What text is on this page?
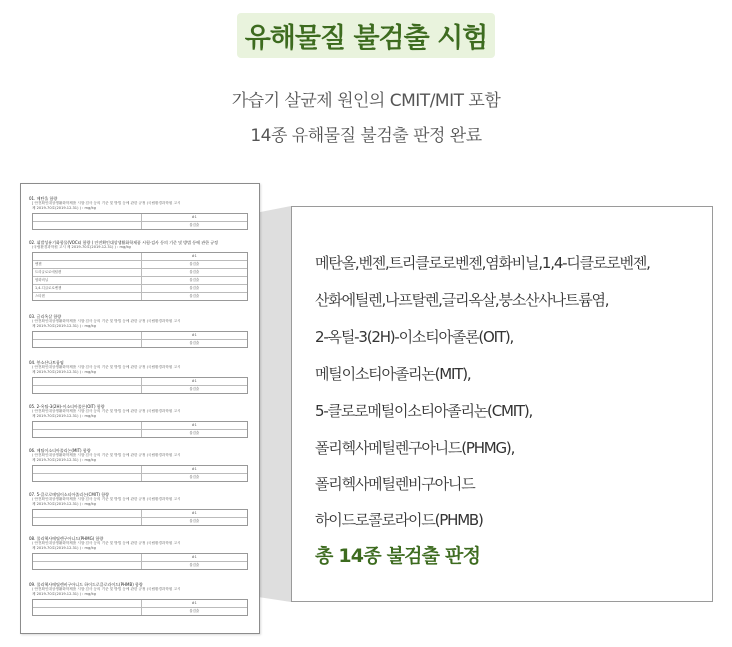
유해물질 불검출 시험
가습기 살균제 원인의 CMIT/MIT 포함
14종 유해물질 불검출 판정 완료
01. 메탄올 함량
[ 안전확인대상생활화학제품 시험·검사 등의 기준 및 방법 등에 관한 규정 (국립환경과학원 고시
제 2019-70호(2019.12.31) ) : mg/kg
#1
불검출
02. 휘발성유기화합물(VOCs) 함량 ( 안전확인대상생활화학제품 시험·검사 등의 기준 및 방법 등에 관한 규정
(국립환경과학원 고시 제 2019-70호(2019.12.31) ) : mg/kg
#1
벤젠	불검출
트리클로로에틸렌	불검출
염화비닐	불검출
1,4-디클로로벤젠	불검출
스티렌	불검출
03. 글리옥살 함량
( 안전확인대상생활화학제품 시험·검사 등의 기준 및 방법 등에 관한 규정 (국립환경과학원 고시
제 2019-70호(2019.12.31) ) : mg/kg
#1
불검출
04. 붕소산나트륨염
( 안전확인대상생활화학제품 시험·검사 등의 기준 및 방법 등에 관한 규정 (국립환경과학원 고시
제 2019-70호(2019.12.31) ) : mg/kg
#1
불검출
05. 2-옥틸-3(2H)-이소티아졸론(OIT) 함량
( 안전확인대상생활화학제품 시험·검사 등의 기준 및 방법 등에 관한 규정 (국립환경과학원 고시
제 2019-70호(2019.12.31) ) : mg/kg
#1
불검출
06. 메틸이소티아졸리논(MIT) 함량
( 안전확인대상생활화학제품 시험·검사 등의 기준 및 방법 등에 관한 규정 (국립환경과학원 고시
제 2019-70호(2019.12.31) ) : mg/kg
#1
불검출
07. 5-클로로메틸이소티아졸리논(CMIT) 함량
( 안전확인대상생활화학제품 시험·검사 등의 기준 및 방법 등에 관한 규정 (국립환경과학원 고시
제 2019-70호(2019.12.31) ) : mg/kg
#1
불검출
08. 폴리헥사메틸렌구아니드(PHMG) 함량
( 안전확인대상생활화학제품 시험·검사 등의 기준 및 방법 등에 관한 규정 (국립환경과학원 고시
제 2019-70호(2019.12.31) ) : mg/kg
#1
불검출
09. 폴리헥사메틸렌비구아니드 하이드로클로라이드(PHMB) 함량
( 안전확인대상생활화학제품 시험·검사 등의 기준 및 방법 등에 관한 규정 (국립환경과학원 고시
제 2019-70호(2019.12.31) ) : mg/kg
#1
불검출
메탄올,벤젠,트리클로로벤젠,염화비닐,1,4-디클로로벤젠,
산화에틸렌,나프탈렌,글리옥살,붕소산사나트륨염,
2-옥틸-3(2H)-이소티아졸론(OIT),
메틸이소티아졸리논(MIT),
5-클로로메틸이소티아졸리논(CMIT),
폴리헥사메틸렌구아니드(PHMG),
폴리헥사메틸렌비구아니드
하이드로콜로라이드(PHMB)
총 14종 불검출 판정
